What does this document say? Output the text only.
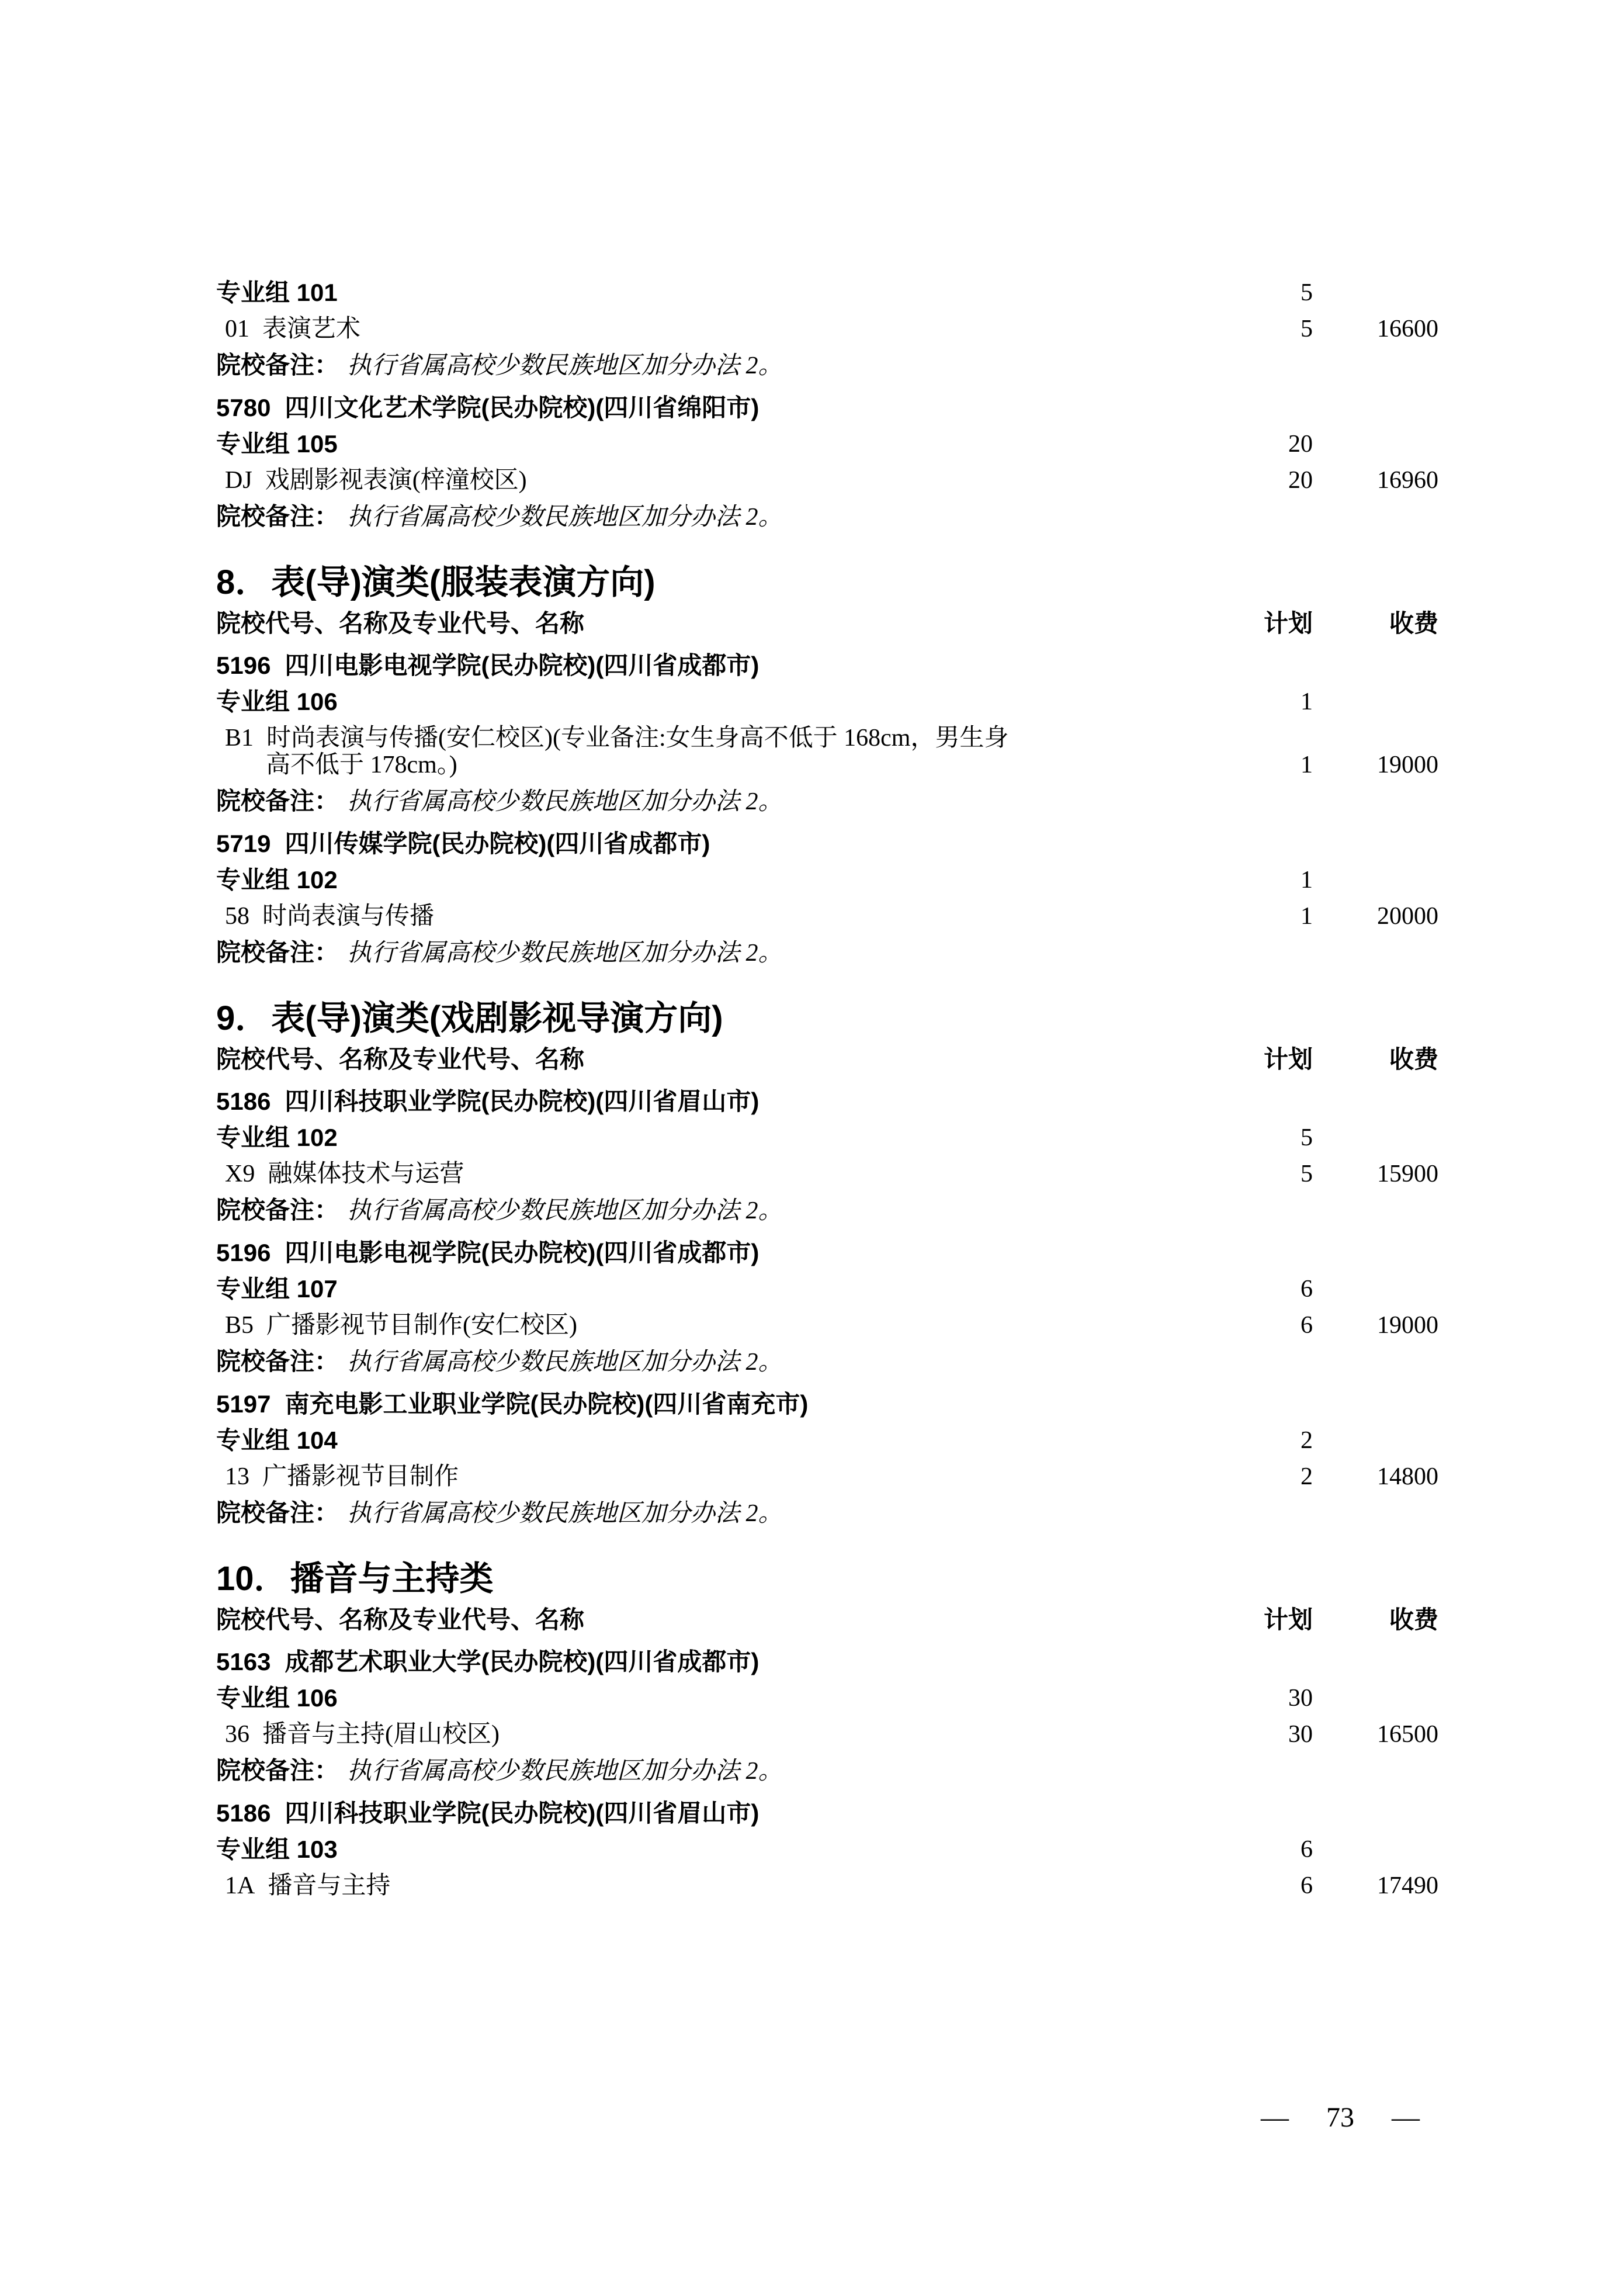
专业组 101	5
01 表演艺术	5	16600
院校备注： 执行省属高校少数民族地区加分办法 2。
5780 四川文化艺术学院(民办院校)(四川省绵阳市)
专业组 105	20
DJ 戏剧影视表演(梓潼校区)	20	16960
院校备注： 执行省属高校少数民族地区加分办法 2。
8． 表(导)演类(服装表演方向)
院校代号、名称及专业代号、名称	计划	收费
5196 四川电影电视学院(民办院校)(四川省成都市)
专业组 106	1
B1 时尚表演与传播(安仁校区)(专业备注:女生身高不低于 168cm，男生身
高不低于 178cm。)	1	19000
院校备注： 执行省属高校少数民族地区加分办法 2。
5719 四川传媒学院(民办院校)(四川省成都市)
专业组 102	1
58 时尚表演与传播	1	20000
院校备注： 执行省属高校少数民族地区加分办法 2。
9． 表(导)演类(戏剧影视导演方向)
院校代号、名称及专业代号、名称	计划	收费
5186 四川科技职业学院(民办院校)(四川省眉山市)
专业组 102	5
X9 融媒体技术与运营	5	15900
院校备注： 执行省属高校少数民族地区加分办法 2。
5196 四川电影电视学院(民办院校)(四川省成都市)
专业组 107	6
B5 广播影视节目制作(安仁校区)	6	19000
院校备注： 执行省属高校少数民族地区加分办法 2。
5197 南充电影工业职业学院(民办院校)(四川省南充市)
专业组 104	2
13 广播影视节目制作	2	14800
院校备注： 执行省属高校少数民族地区加分办法 2。
10． 播音与主持类
院校代号、名称及专业代号、名称	计划	收费
5163 成都艺术职业大学(民办院校)(四川省成都市)
专业组 106	30
36 播音与主持(眉山校区)	30	16500
院校备注： 执行省属高校少数民族地区加分办法 2。
5186 四川科技职业学院(民办院校)(四川省眉山市)
专业组 103	6
1A 播音与主持	6	17490
— 73 —
